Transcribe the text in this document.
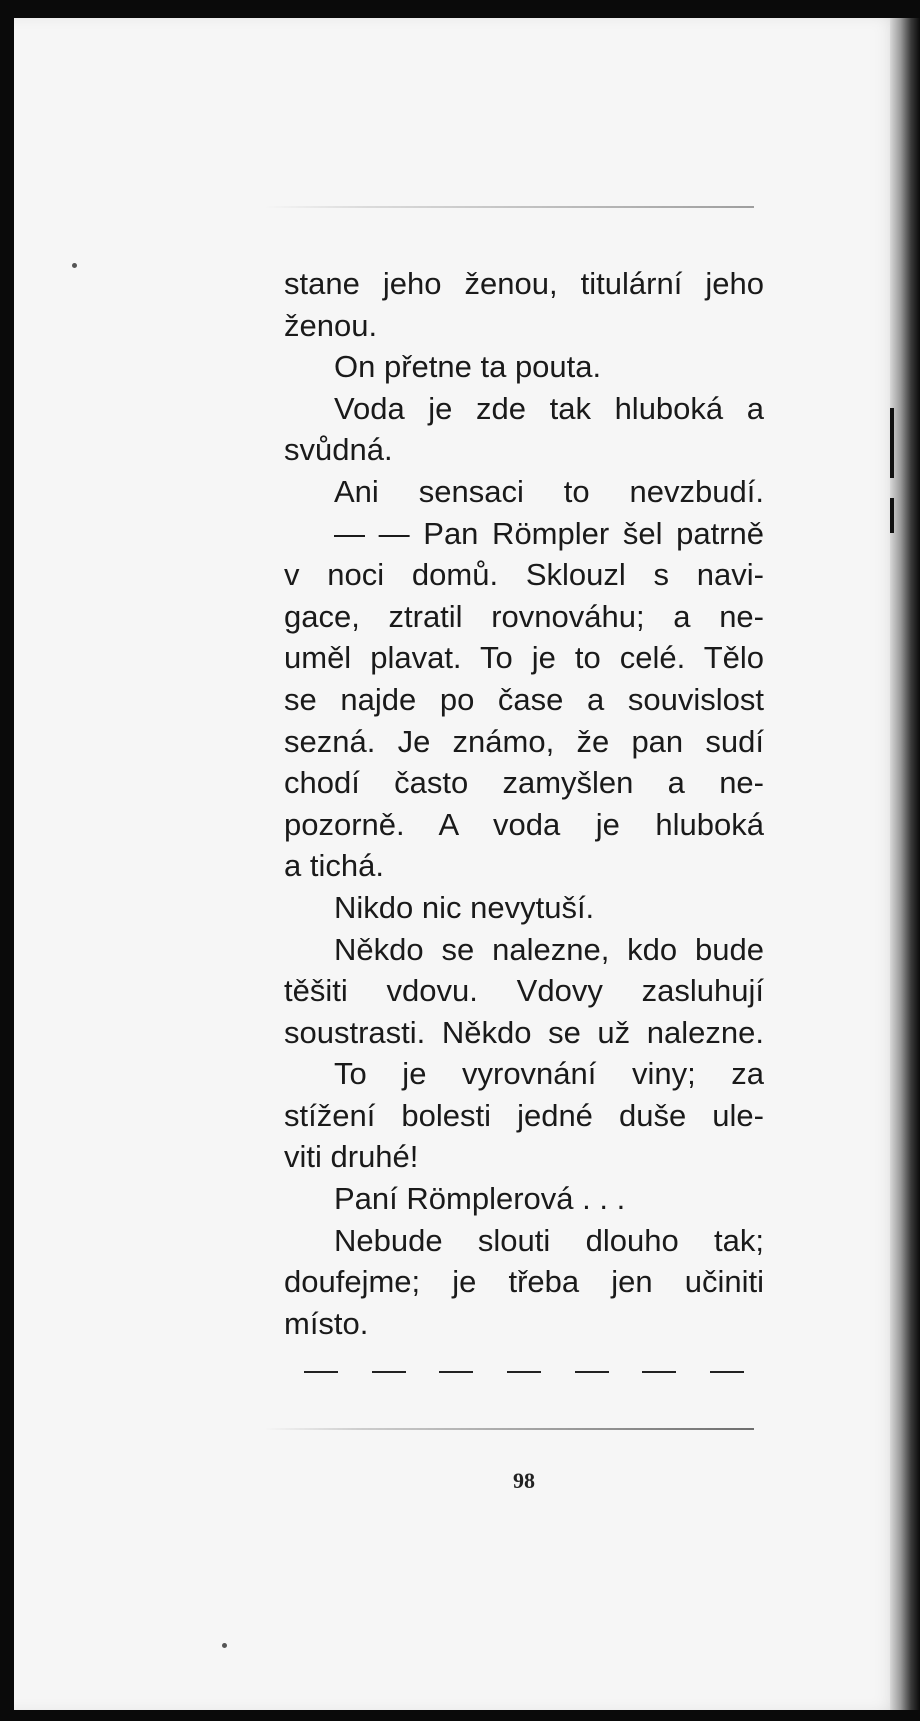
stane jeho ženou, titulární jeho
ženou.
On přetne ta pouta.
Voda je zde tak hluboká a
svůdná.
Ani sensaci to nevzbudí.
— — Pan Römpler šel patrně
v noci domů. Sklouzl s navi-
gace, ztratil rovnováhu; a ne-
uměl plavat. To je to celé. Tělo
se najde po čase a souvislost
sezná. Je známo, že pan sudí
chodí často zamyšlen a ne-
pozorně. A voda je hluboká
a tichá.
Nikdo nic nevytuší.
Někdo se nalezne, kdo bude
těšiti vdovu. Vdovy zasluhují
soustrasti. Někdo se už nalezne.
To je vyrovnání viny; za
stížení bolesti jedné duše ule-
viti druhé!
Paní Römplerová . . .
Nebude slouti dlouho tak;
doufejme; je třeba jen učiniti
místo.
98
